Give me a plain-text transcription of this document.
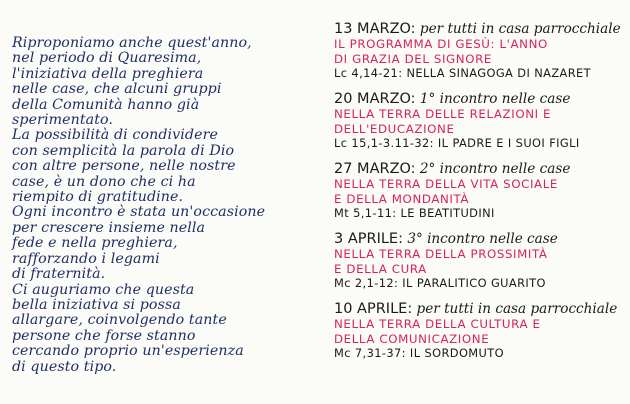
Riproponiamo anche quest'anno,
nel periodo di Quaresima,
l'iniziativa della preghiera
nelle case, che alcuni gruppi
della Comunità hanno già
sperimentato.
La possibilità di condividere
con semplicità la parola di Dio
con altre persone, nelle nostre
case, è un dono che ci ha
riempito di gratitudine.
Ogni incontro è stata un'occasione
per crescere insieme nella
fede e nella preghiera,
rafforzando i legami
di fraternità.
Ci auguriamo che questa
bella iniziativa si possa
allargare, coinvolgendo tante
persone che forse stanno
cercando proprio un'esperienza
di questo tipo.
13 MARZO: per tutti in casa parrocchiale
IL PROGRAMMA DI GESÙ: L'ANNO
DI GRAZIA DEL SIGNORE
Lc 4,14-21: NELLA SINAGOGA DI NAZARET
20 MARZO: 1° incontro nelle case
NELLA TERRA DELLE RELAZIONI E
DELL'EDUCAZIONE
Lc 15,1-3.11-32: IL PADRE E I SUOI FIGLI
27 MARZO: 2° incontro nelle case
NELLA TERRA DELLA VITA SOCIALE
E DELLA MONDANITÀ
Mt 5,1-11: LE BEATITUDINI
3 APRILE: 3° incontro nelle case
NELLA TERRA DELLA PROSSIMITÀ
E DELLA CURA
Mc 2,1-12: IL PARALITICO GUARITO
10 APRILE: per tutti in casa parrocchiale
NELLA TERRA DELLA CULTURA E
DELLA COMUNICAZIONE
Mc 7,31-37: IL SORDOMUTO
